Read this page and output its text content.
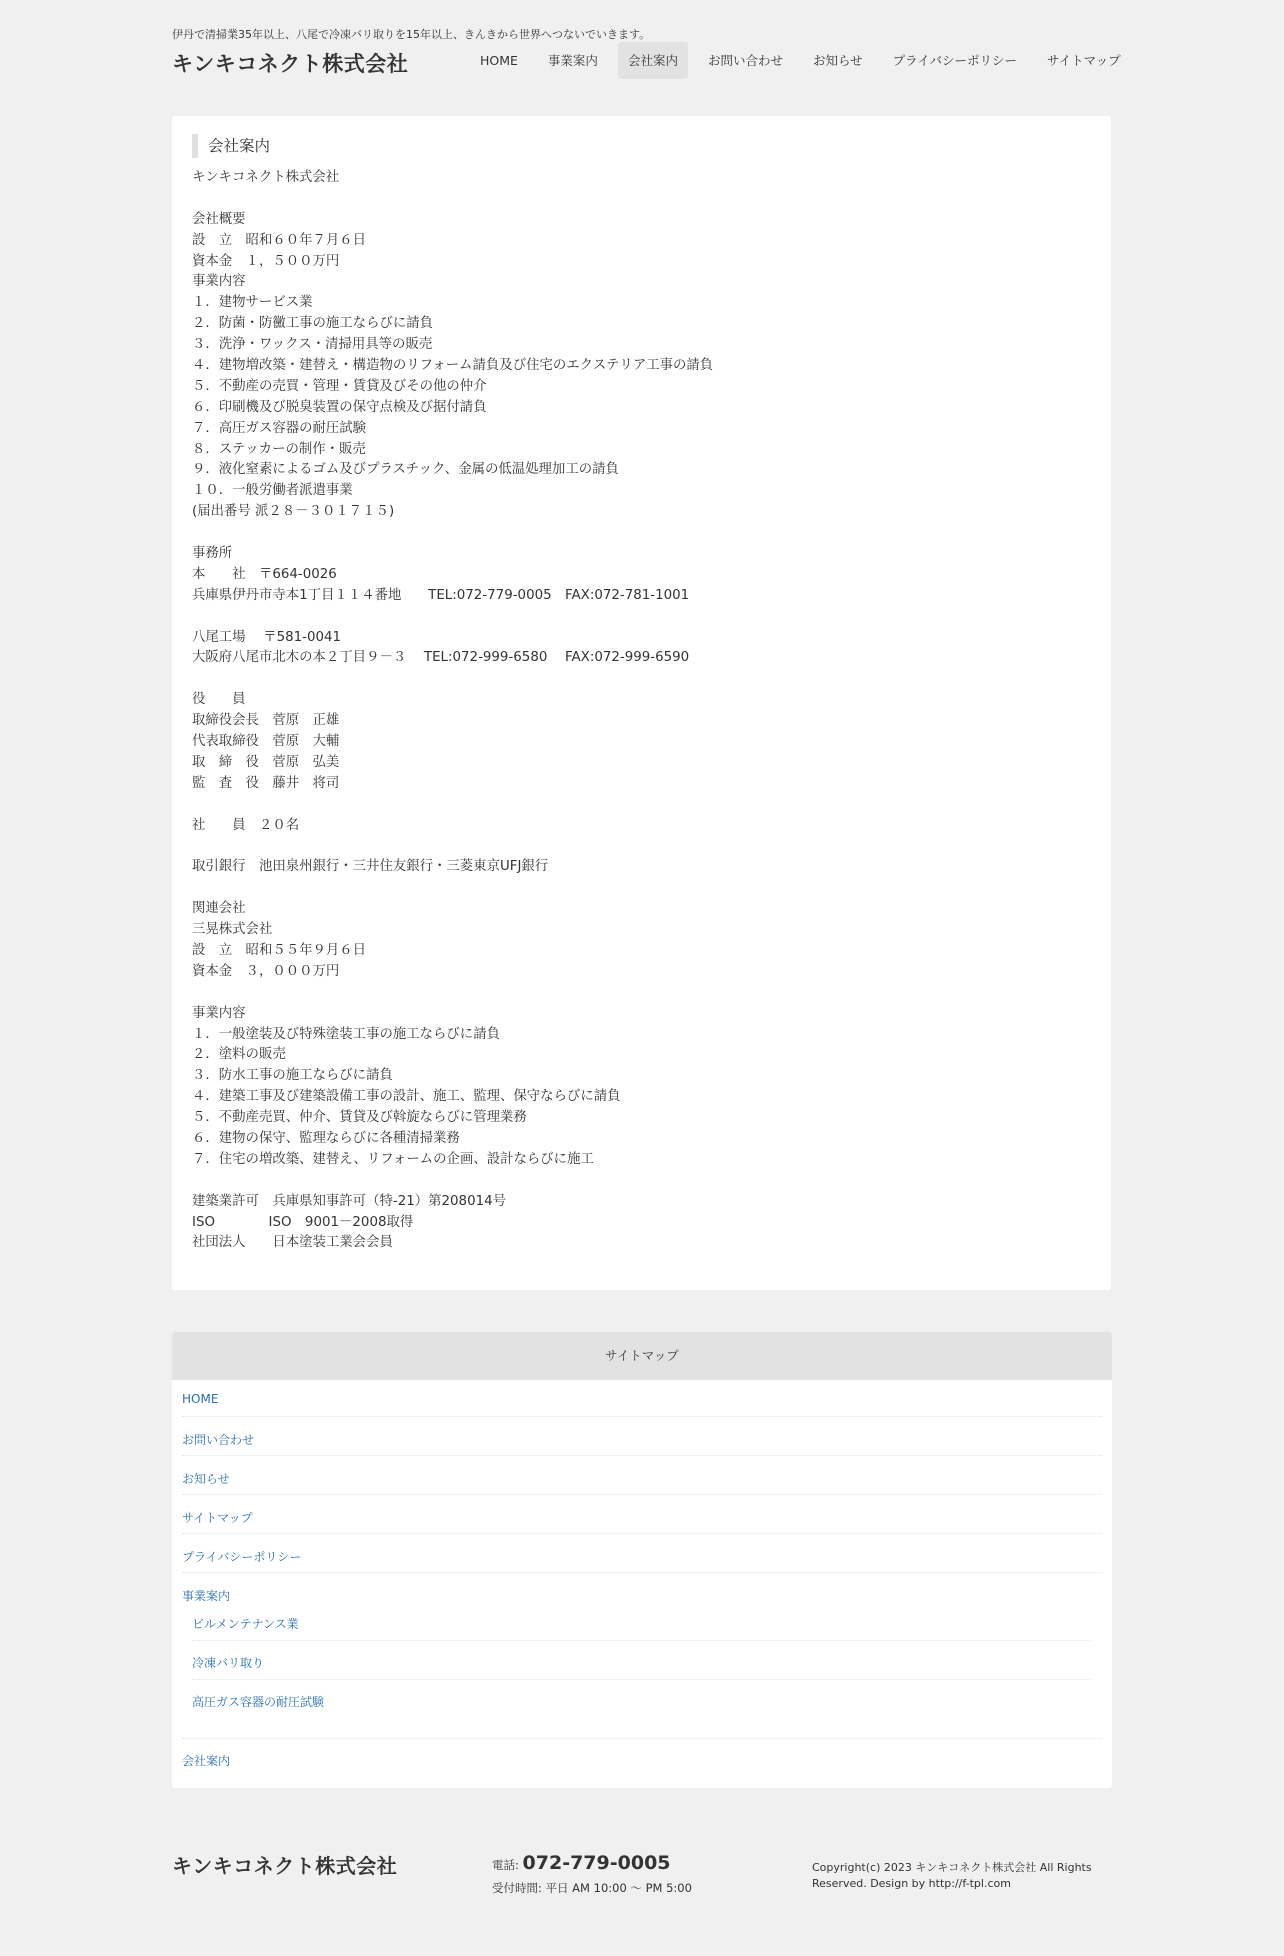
伊丹で清掃業35年以上、八尾で冷凍バリ取りを15年以上、きんきから世界へつないでいきます。
キンキコネクト株式会社	HOME	事業案内	会社案内	お問い合わせ	お知らせ	プライバシーポリシー	サイトマップ
会社案内
キンキコネクト株式会社
会社概要
設　立　昭和６０年７月６日
資本金　１，５００万円
事業内容
１．建物サービス業
２．防菌・防黴工事の施工ならびに請負
３．洗浄・ワックス・清掃用具等の販売
４．建物増改築・建替え・構造物のリフォーム請負及び住宅のエクステリア工事の請負
５．不動産の売買・管理・賃貸及びその他の仲介
６．印刷機及び脱臭装置の保守点検及び据付請負
７．高圧ガス容器の耐圧試験
８．ステッカーの制作・販売
９．液化窒素によるゴム及びプラスチック、金属の低温処理加工の請負
１０．一般労働者派遣事業
(届出番号 派２８－３０１７１５)
事務所
本　　社　〒664-0026
兵庫県伊丹市寺本1丁目１１４番地　　TEL:072-779-0005　FAX:072-781-1001
八尾工場　 〒581-0041
大阪府八尾市北木の本２丁目９－３　 TEL:072-999-6580　 FAX:072-999-6590
役　　員
取締役会長　菅原　正雄
代表取締役　菅原　大輔
取　締　役　菅原　弘美
監　査　役　藤井　将司
社　　員　２０名
取引銀行　池田泉州銀行・三井住友銀行・三菱東京UFJ銀行
関連会社
三晃株式会社
設　立　昭和５５年９月６日
資本金　３，０００万円
事業内容
１．一般塗装及び特殊塗装工事の施工ならびに請負
２．塗料の販売
３．防水工事の施工ならびに請負
４．建築工事及び建築設備工事の設計、施工、監理、保守ならびに請負
５．不動産売買、仲介、賃貸及び斡旋ならびに管理業務
６．建物の保守、監理ならびに各種清掃業務
７．住宅の増改築、建替え、リフォームの企画、設計ならびに施工
建築業許可　兵庫県知事許可（特-21）第208014号
ISO　　　　ISO　9001－2008取得
社団法人　　日本塗装工業会会員
サイトマップ
HOME
お問い合わせ
お知らせ
サイトマップ
プライバシーポリシー
事業案内
ビルメンテナンス業
冷凍バリ取り
高圧ガス容器の耐圧試験
会社案内
キンキコネクト株式会社	電話: 072-779-0005
受付時間: 平日 AM 10:00 〜 PM 5:00
Copyright(c) 2023 キンキコネクト株式会社 All Rights Reserved. Design by http://f-tpl.com
